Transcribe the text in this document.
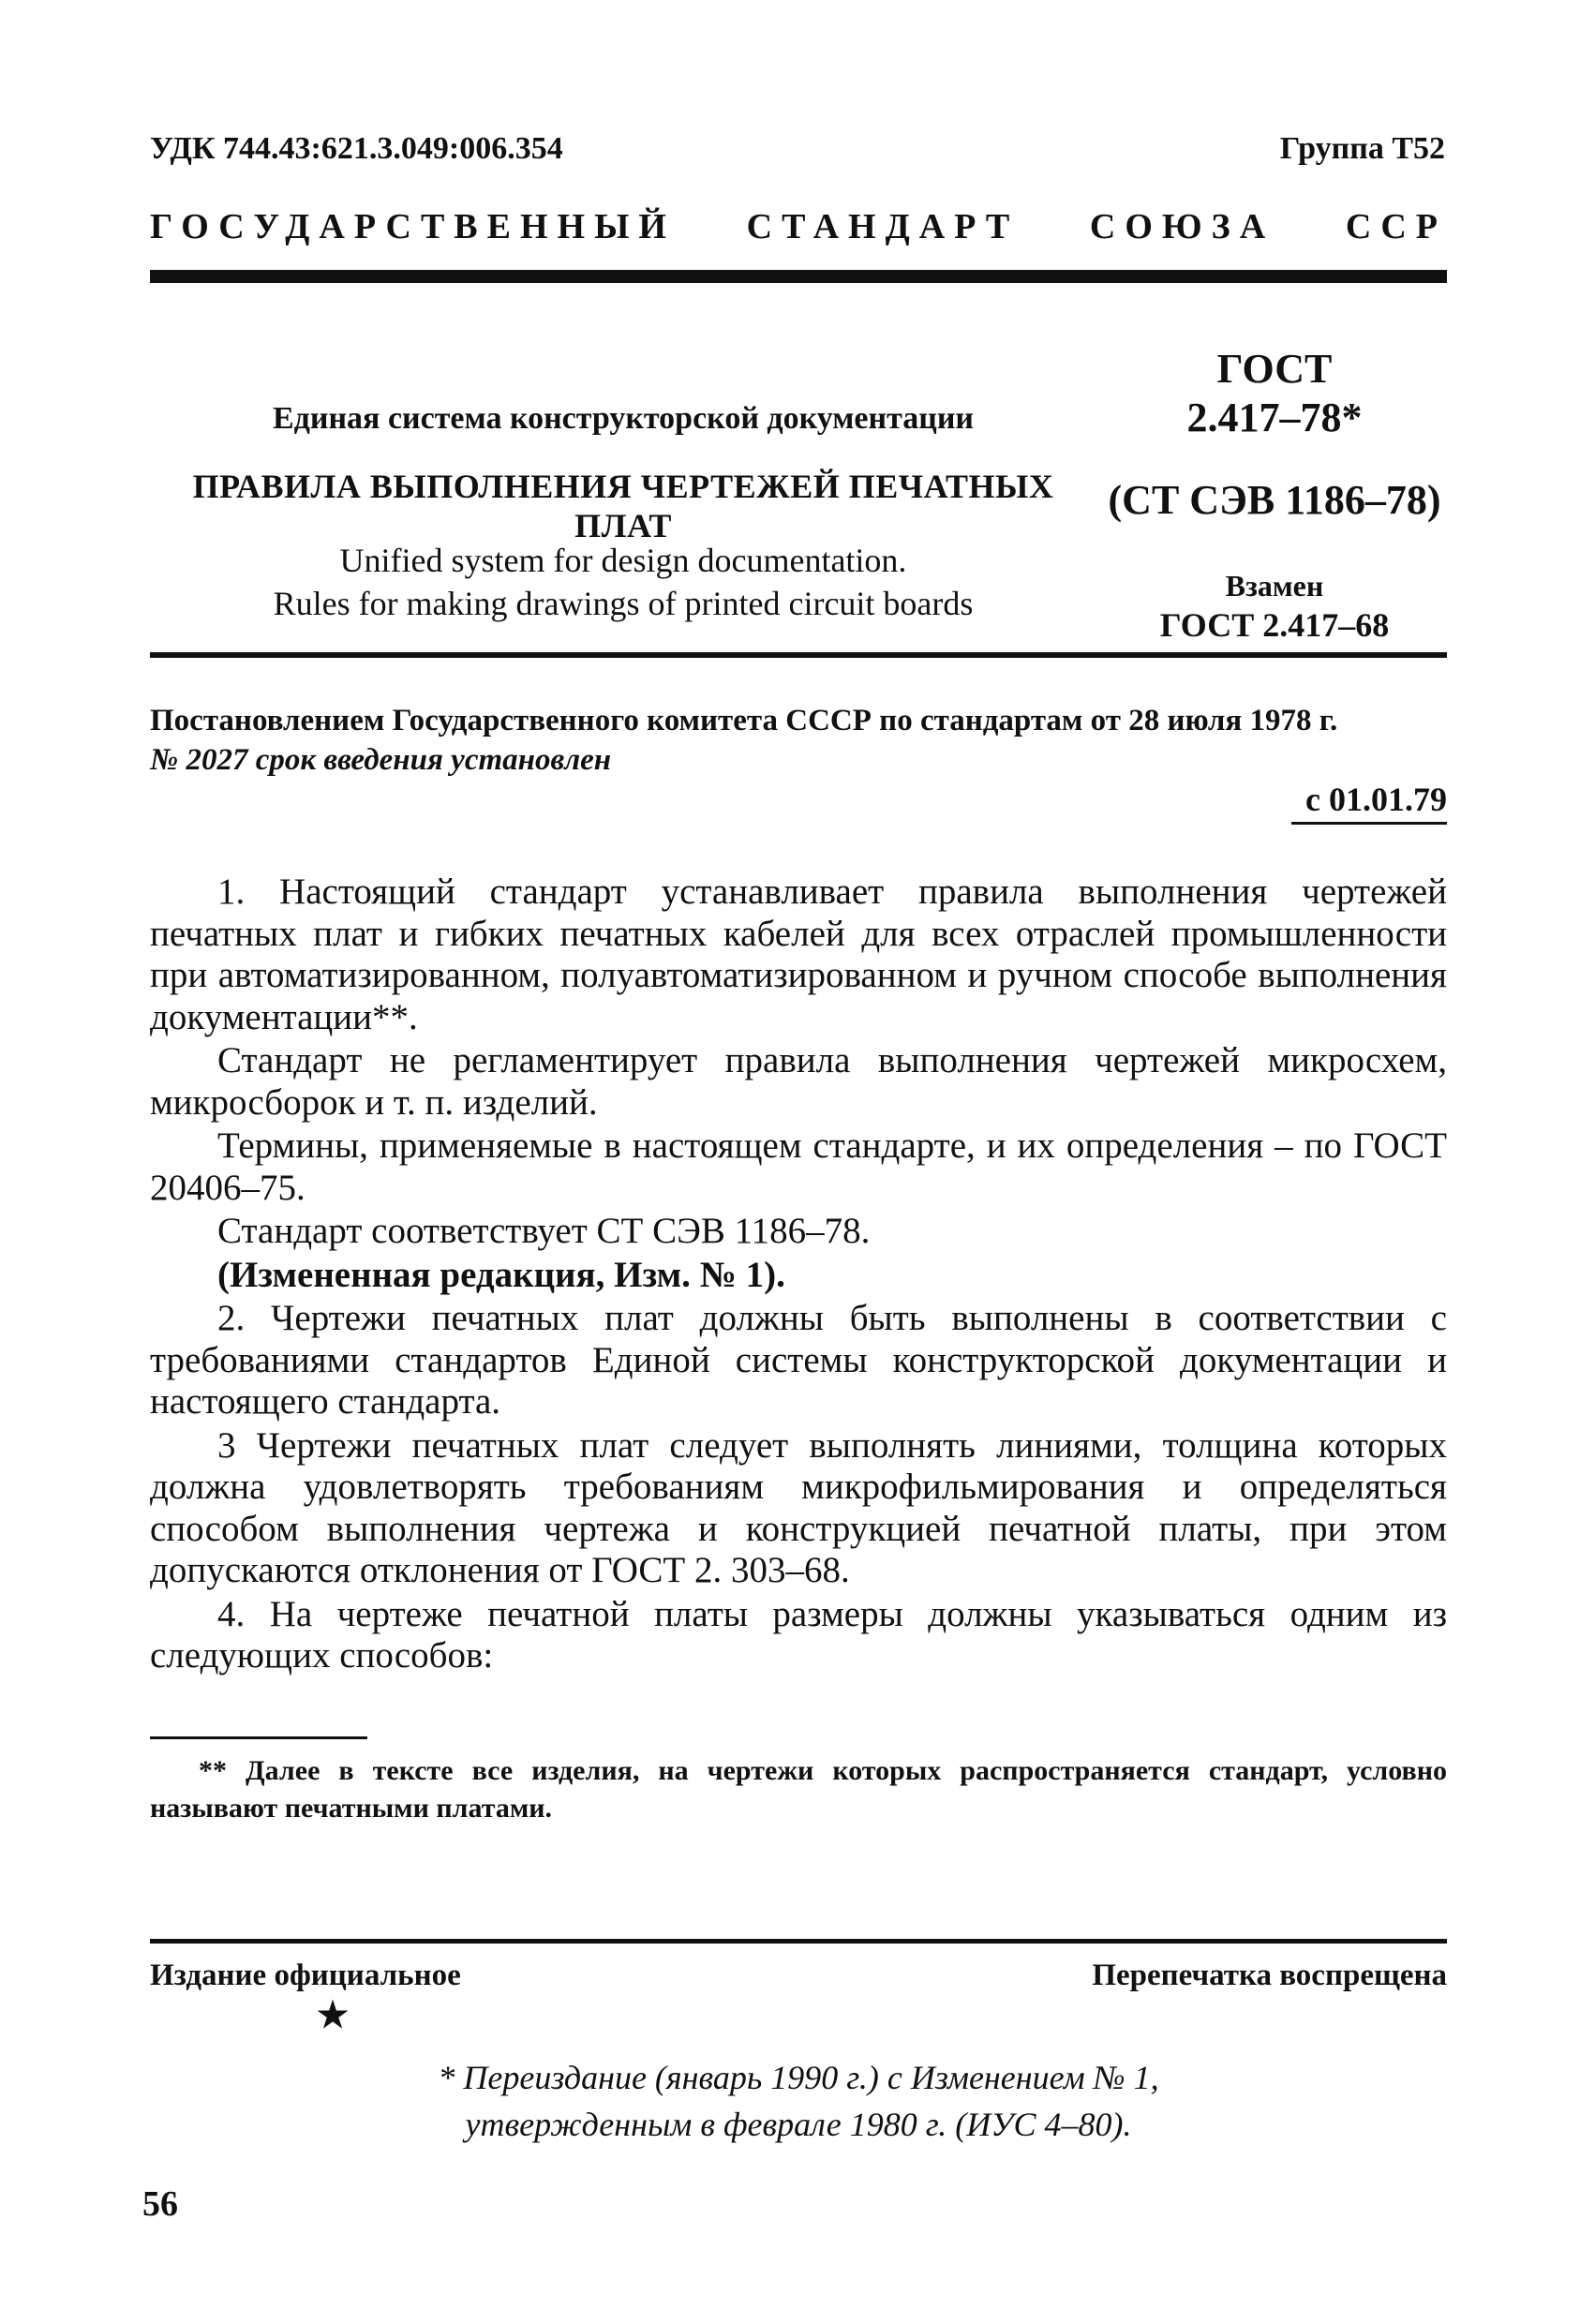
УДК 744.43:621.3.049:006.354	Группа Т52
ГОСУДАРСТВЕННЫЙ СТАНДАРТ СОЮЗА ССР
Единая система конструкторской документации
ПРАВИЛА ВЫПОЛНЕНИЯ ЧЕРТЕЖЕЙ ПЕЧАТНЫХ ПЛАТ
Unified system for design documentation.
Rules for making drawings of printed circuit boards
ГОСТ
2.417–78*
(СТ СЭВ 1186–78)
Взамен
ГОСТ 2.417–68
Постановлением Государственного комитета СССР по стандартам от 28 июля 1978 г.
№ 2027 срок введения установлен
с 01.01.79

1. Настоящий стандарт устанавливает правила выполнения чертежей печатных плат и гибких печатных кабелей для всех отраслей промышленности при автоматизированном, полуавтоматизированном и ручном способе выполнения документации**.

Стандарт не регламентирует правила выполнения чертежей микросхем, микросборок и т. п. изделий.

Термины, применяемые в настоящем стандарте, и их определения – по ГОСТ 20406–75.

Стандарт соответствует СТ СЭВ 1186–78.

(Измененная редакция, Изм. № 1).

2. Чертежи печатных плат должны быть выполнены в соответствии с требованиями стандартов Единой системы конструкторской документации и настоящего стандарта.

3 Чертежи печатных плат следует выполнять линиями, толщина которых должна удовлетворять требованиям микрофильмирования и определяться способом выполнения чертежа и конструкцией печатной платы, при этом допускаются отклонения от ГОСТ 2. 303–68.

4. На чертеже печатной платы размеры должны указываться одним из следующих способов:

** Далее в тексте все изделия, на чертежи которых распространяется стандарт, условно называют печатными платами.
Издание официальное	Перепечатка воспрещена
★
* Переиздание (январь 1990 г.) с Изменением № 1,
утвержденным в феврале 1980 г. (ИУС 4–80).
56
